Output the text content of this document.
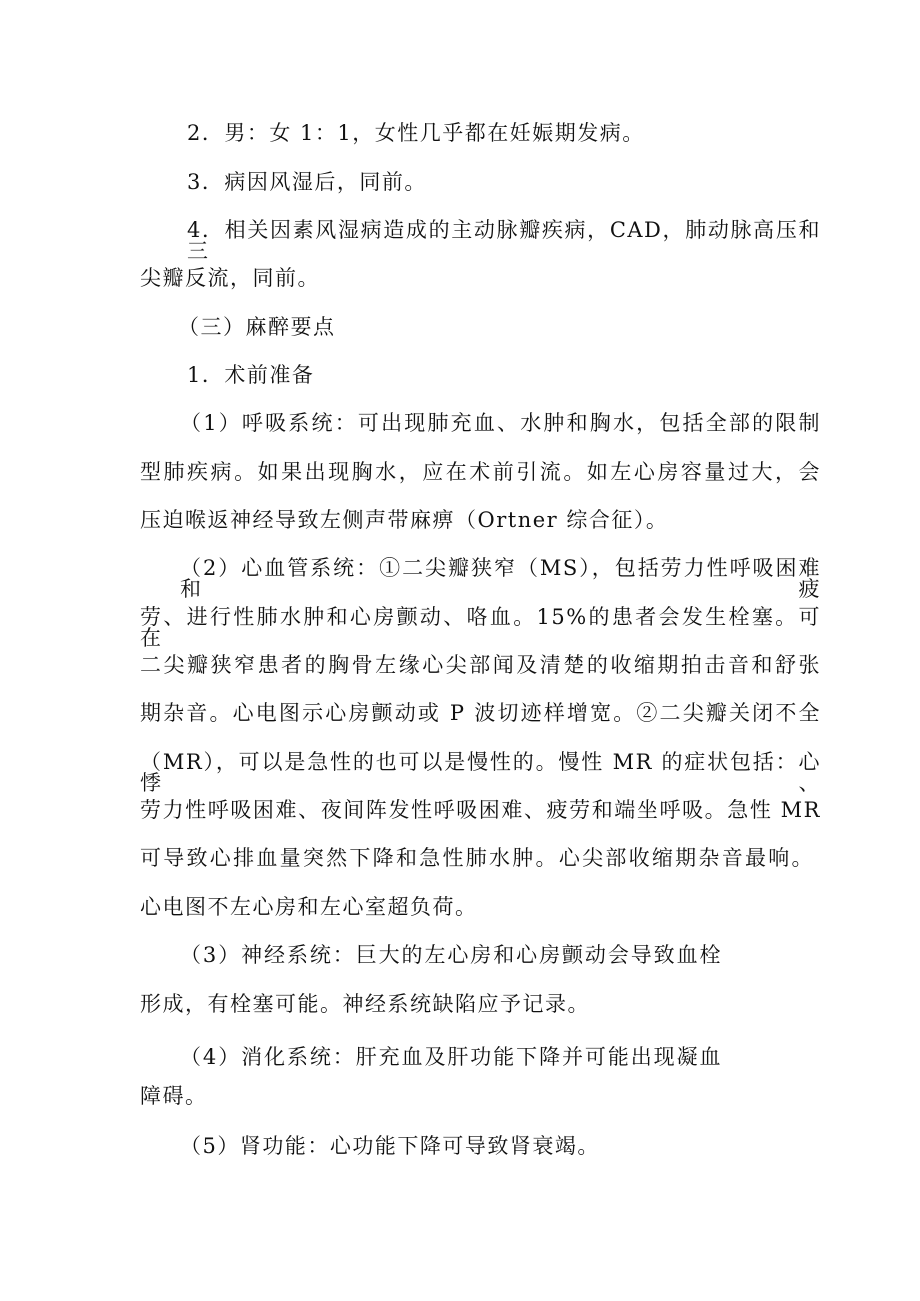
2．男：女 1：1，女性几乎都在妊娠期发病。
3．病因风湿后，同前。
4．相关因素风湿病造成的主动脉瓣疾病，CAD，肺动脉高压和三
尖瓣反流，同前。
（三）麻醉要点
1．术前准备
（1）呼吸系统：可出现肺充血、水肿和胸水，包括全部的限制
型肺疾病。如果出现胸水，应在术前引流。如左心房容量过大，会
压迫喉返神经导致左侧声带麻痹（Ortner 综合征）。
（2）心血管系统：①二尖瓣狭窄（MS），包括劳力性呼吸困难和疲
劳、进行性肺水肿和心房颤动、咯血。15%的患者会发生栓塞。可在
二尖瓣狭窄患者的胸骨左缘心尖部闻及清楚的收缩期拍击音和舒张
期杂音。心电图示心房颤动或 P 波切迹样增宽。②二尖瓣关闭不全
（MR），可以是急性的也可以是慢性的。慢性 MR 的症状包括：心悸、
劳力性呼吸困难、夜间阵发性呼吸困难、疲劳和端坐呼吸。急性 MR
可导致心排血量突然下降和急性肺水肿。心尖部收缩期杂音最响。
心电图不左心房和左心室超负荷。
（3）神经系统：巨大的左心房和心房颤动会导致血栓
形成，有栓塞可能。神经系统缺陷应予记录。
（4）消化系统：肝充血及肝功能下降并可能出现凝血
障碍。
（5）肾功能：心功能下降可导致肾衰竭。
